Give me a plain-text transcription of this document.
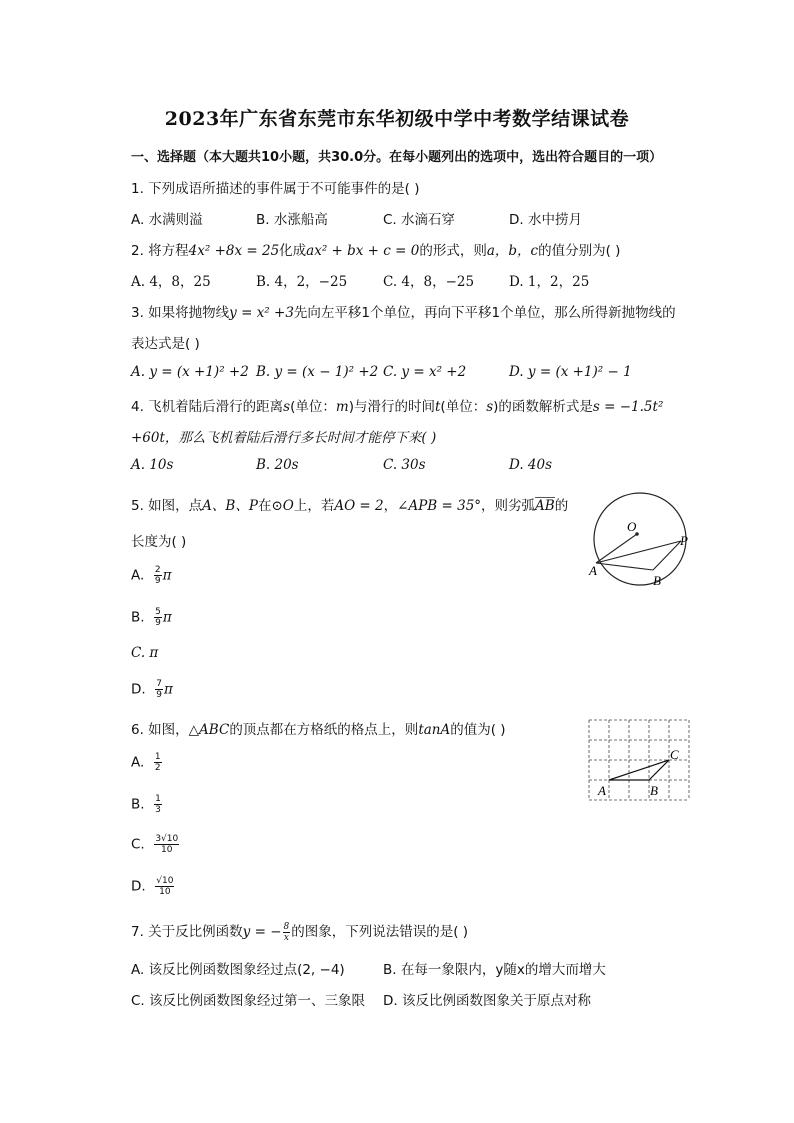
2023年广东省东莞市东华初级中学中考数学结课试卷
一、选择题（本大题共10小题，共30.0分。在每小题列出的选项中，选出符合题目的一项）
1. 下列成语所描述的事件属于不可能事件的是( )
A. 水满则溢	B. 水涨船高	C. 水滴石穿	D. 水中捞月
2. 将方程4x² +8x = 25化成ax² + bx + c = 0的形式，则a，b，c的值分别为( )
A. 4，8，25	B. 4，2，−25	C. 4，8，−25	D. 1，2，25
3. 如果将抛物线y = x² +3先向左平移1个单位，再向下平移1个单位，那么所得新抛物线的
表达式是( )
A. y = (x +1)² +2 B. y = (x − 1)² +2 C. y = x² +2	D. y = (x +1)² − 1
4. 飞机着陆后滑行的距离s(单位：m)与滑行的时间t(单位：s)的函数解析式是s = −1.5t²
+60t，那么飞机着陆后滑行多长时间才能停下来( )
A. 10s	B. 20s	C. 30s	D. 40s
5. 如图，点A、B、P在⊙O上，若AO = 2，∠APB = 35°，则劣弧AB的
长度为( )
A. $\frac{2}{9}$ π
B. $\frac{5}{9}$ π
C. π
D. $\frac{7}{9}$ π
O
A
B
P
6. 如图，△ABC的顶点都在方格纸的格点上，则tanA的值为( )
A. $\frac{1}{2}$
B. $\frac{1}{3}$
C. $\frac{3√10}{10}$
D. $\frac{√10}{10}$
A	B
C
7. 关于反比例函数y = − $\frac{8}{x}$ 的图象，下列说法错误的是( )
A. 该反比例函数图象经过点(2, −4)	B. 在每一象限内，y随x的增大而增大
C. 该反比例函数图象经过第一、三象限 D. 该反比例函数图象关于原点对称
